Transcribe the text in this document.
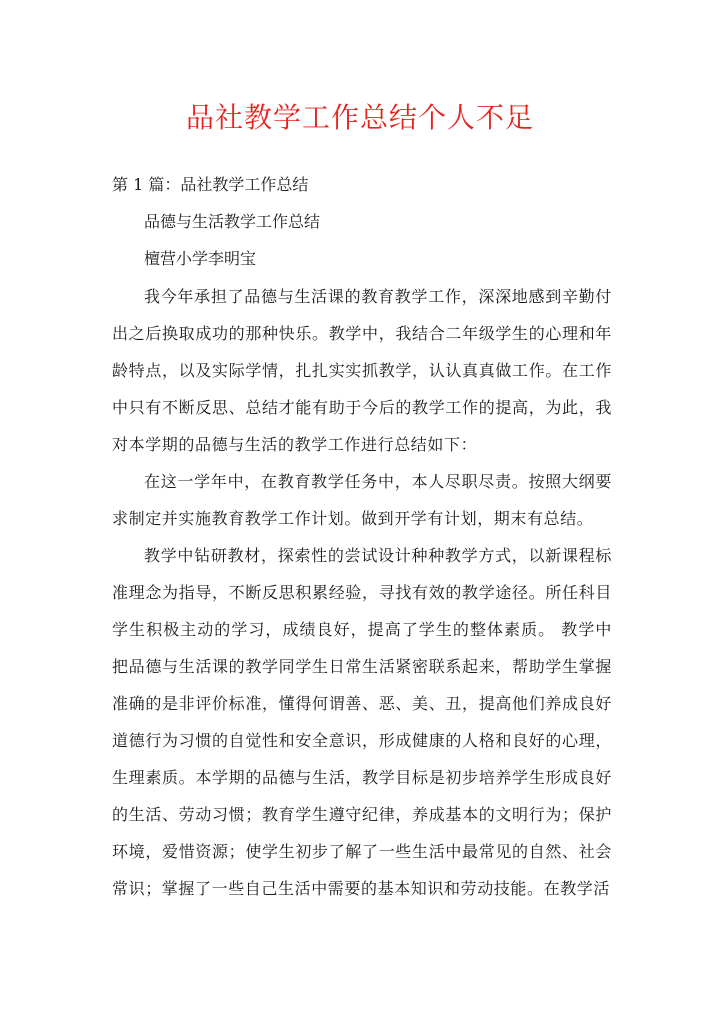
品社教学工作总结个人不足

第 1 篇：品社教学工作总结

品德与生活教学工作总结

檀营小学李明宝

我今年承担了品德与生活课的教育教学工作，深深地感到辛勤付出之后换取成功的那种快乐。教学中，我结合二年级学生的心理和年龄特点，以及实际学情，扎扎实实抓教学，认认真真做工作。在工作中只有不断反思、总结才能有助于今后的教学工作的提高，为此，我对本学期的品德与生活的教学工作进行总结如下：

在这一学年中，在教育教学任务中，本人尽职尽责。按照大纲要求制定并实施教育教学工作计划。做到开学有计划，期末有总结。

教学中钻研教材，探索性的尝试设计种种教学方式，以新课程标准理念为指导，不断反思积累经验，寻找有效的教学途径。所任科目学生积极主动的学习，成绩良好，提高了学生的整体素质。 教学中把品德与生活课的教学同学生日常生活紧密联系起来，帮助学生掌握准确的是非评价标准，懂得何谓善、恶、美、丑，提高他们养成良好道德行为习惯的自觉性和安全意识，形成健康的人格和良好的心理，生理素质。本学期的品德与生活，教学目标是初步培养学生形成良好的生活、劳动习惯；教育学生遵守纪律，养成基本的文明行为；保护环境，爱惜资源；使学生初步了解了一些生活中最常见的自然、社会常识；掌握了一些自己生活中需要的基本知识和劳动技能。在教学活
